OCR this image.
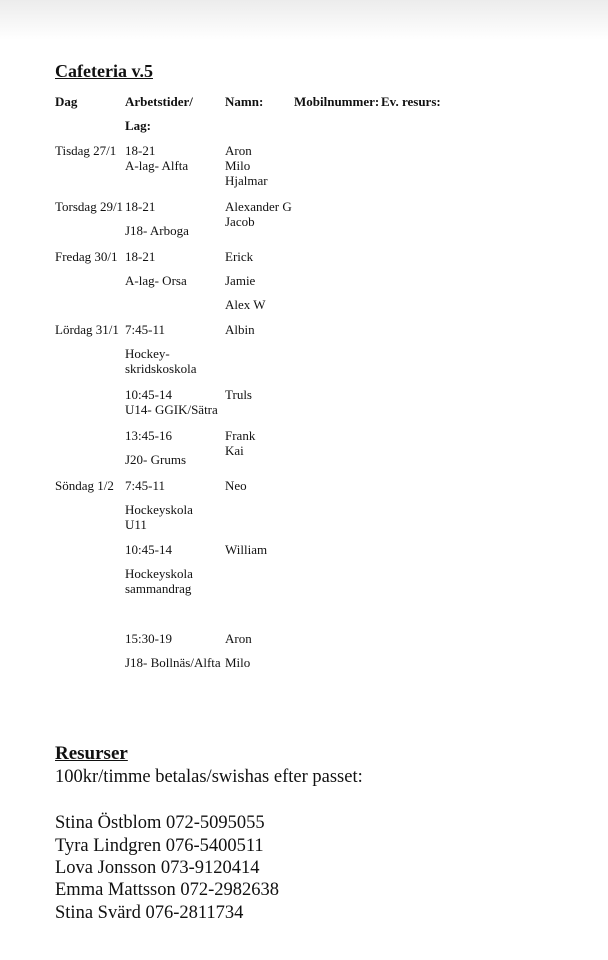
Cafeteria v.5
Dag	Arbetstider/
Lag:
Namn: Mobilnummer: Ev. resurs:
Tisdag 27/1 18-21
A-lag- Alfta
Aron
Milo
Hjalmar
Torsdag 29/1 18-21
J18- Arboga
Alexander G
Jacob
Fredag 30/1 18-21
A-lag- Orsa
Erick
Jamie
Alex W
Lördag 31/1 7:45-11
Hockey-
skridskoskola
Albin
10:45-14
U14- GGIK/Sätra
Truls
13:45-16
J20- Grums
Frank
Kai
Söndag 1/2 7:45-11
Hockeyskola
U11
Neo
10:45-14
Hockeyskola
sammandrag
William
15:30-19
J18- Bollnäs/Alfta
Aron
Milo
Resurser
100kr/timme betalas/swishas efter passet:
Stina Östblom 072-5095055
Tyra Lindgren 076-5400511
Lova Jonsson 073-9120414
Emma Mattsson 072-2982638
Stina Svärd 076-2811734
